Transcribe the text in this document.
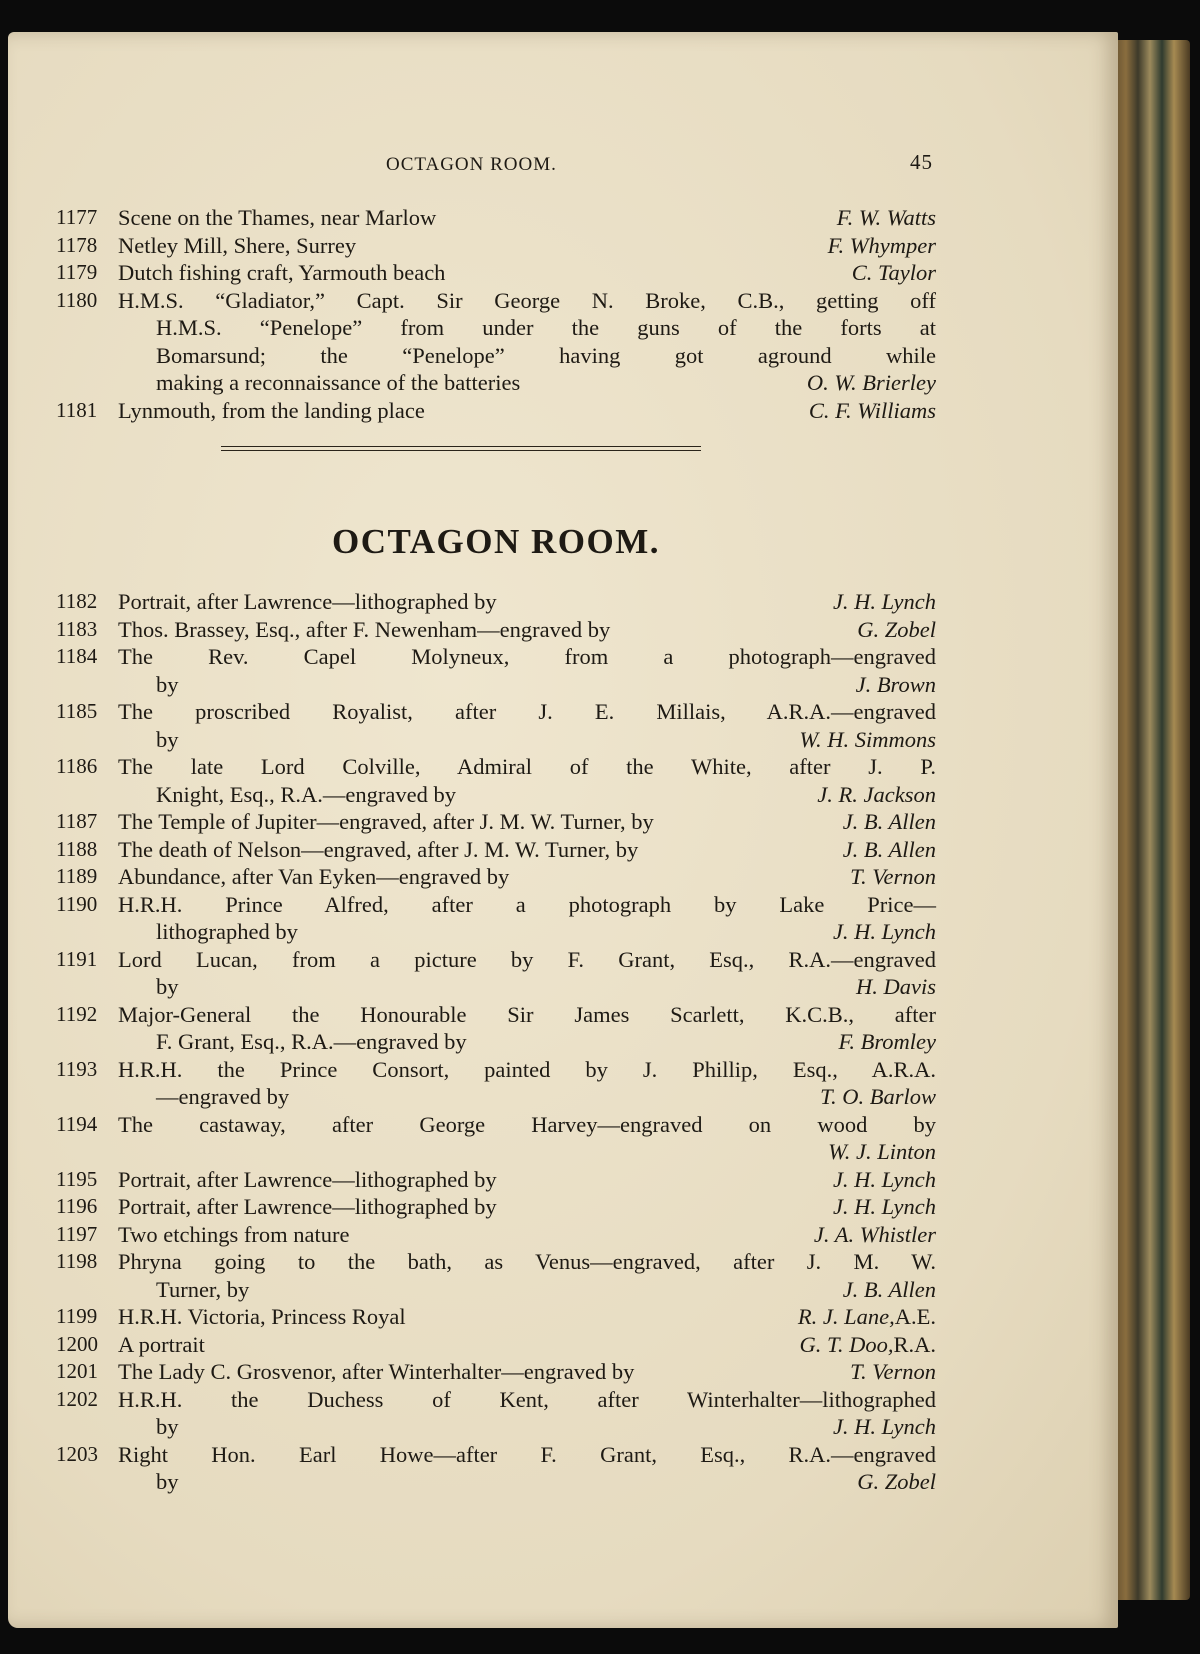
OCTAGON ROOM.	45
1177 Scene on the Thames, near Marlow	F. W. Watts
1178 Netley Mill, Shere, Surrey	F. Whymper
1179 Dutch fishing craft, Yarmouth beach	C. Taylor
1180 H.M.S. “Gladiator,” Capt. Sir George N. Broke, C.B., getting off
H.M.S. “Penelope” from under the guns of the forts at
Bomarsund; the “Penelope” having got aground while
making a reconnaissance of the batteries	O. W. Brierley
1181 Lynmouth, from the landing place	C. F. Williams
OCTAGON ROOM.
1182 Portrait, after Lawrence—lithographed by	J. H. Lynch
1183 Thos. Brassey, Esq., after F. Newenham—engraved by	G. Zobel
1184 The Rev. Capel Molyneux, from a photograph—engraved
by	J. Brown
1185 The proscribed Royalist, after J. E. Millais, A.R.A.—engraved
by	W. H. Simmons
1186 The late Lord Colville, Admiral of the White, after J. P.
Knight, Esq., R.A.—engraved by	J. R. Jackson
1187 The Temple of Jupiter—engraved, after J. M. W. Turner, by	J. B. Allen
1188 The death of Nelson—engraved, after J. M. W. Turner, by	J. B. Allen
1189 Abundance, after Van Eyken—engraved by	T. Vernon
1190 H.R.H. Prince Alfred, after a photograph by Lake Price—
lithographed by	J. H. Lynch
1191 Lord Lucan, from a picture by F. Grant, Esq., R.A.—engraved
by	H. Davis
1192 Major-General the Honourable Sir James Scarlett, K.C.B., after
F. Grant, Esq., R.A.—engraved by	F. Bromley
1193 H.R.H. the Prince Consort, painted by J. Phillip, Esq., A.R.A.
—engraved by	T. O. Barlow
1194 The castaway, after George Harvey—engraved on wood by
W. J. Linton
1195 Portrait, after Lawrence—lithographed by	J. H. Lynch
1196 Portrait, after Lawrence—lithographed by	J. H. Lynch
1197 Two etchings from nature	J. A. Whistler
1198 Phryna going to the bath, as Venus—engraved, after J. M. W.
Turner, by	J. B. Allen
1199 H.R.H. Victoria, Princess Royal	R. J. Lane, A.E.
1200 A portrait	G. T. Doo, R.A.
1201 The Lady C. Grosvenor, after Winterhalter—engraved by	T. Vernon
1202 H.R.H. the Duchess of Kent, after Winterhalter—lithographed
by	J. H. Lynch
1203 Right Hon. Earl Howe—after F. Grant, Esq., R.A.—engraved
by	G. Zobel
